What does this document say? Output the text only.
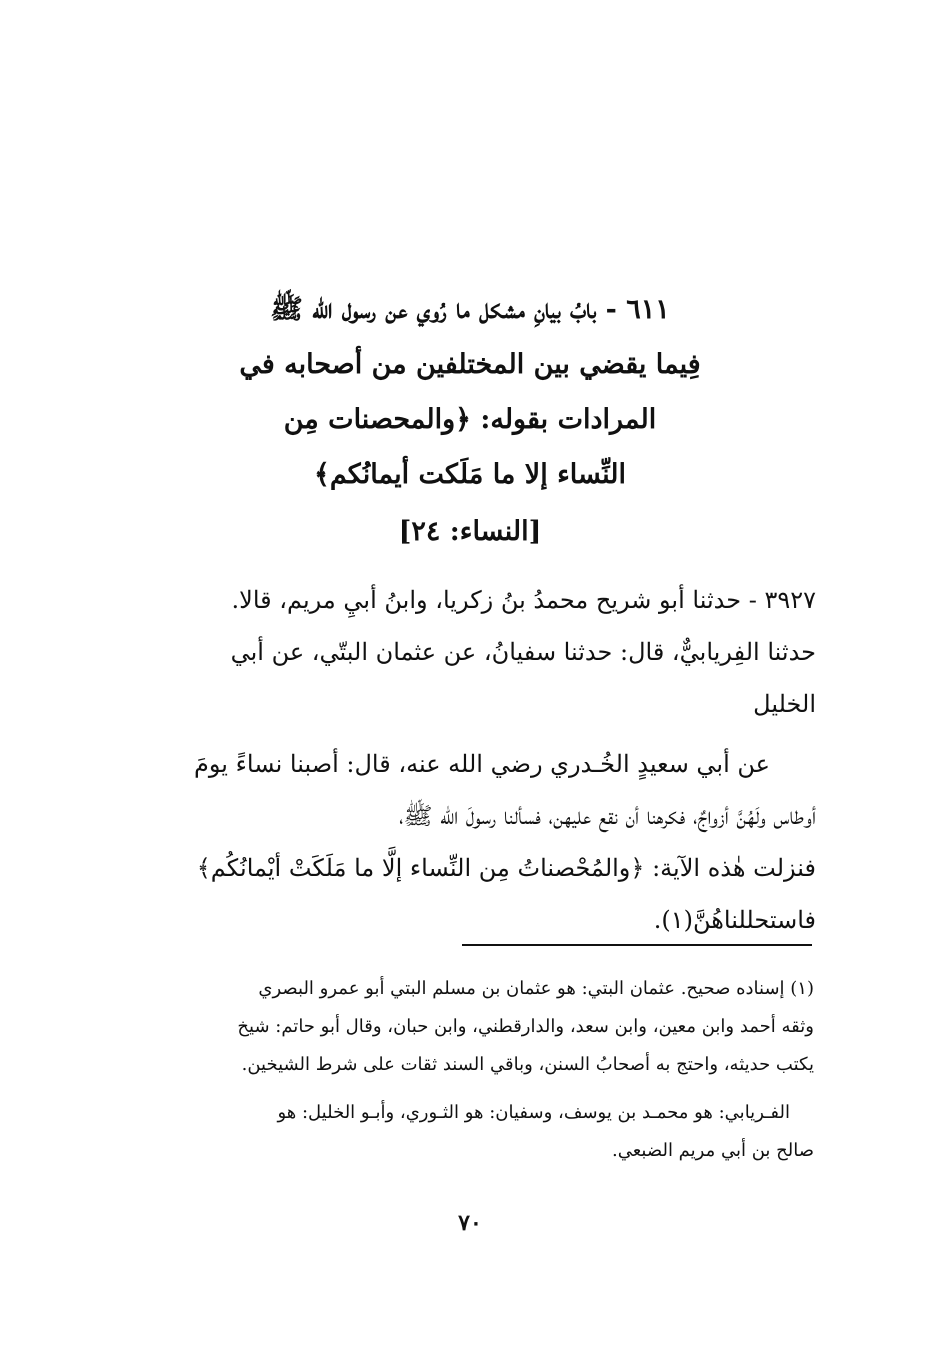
٦١١ - بابُ بيانِ مشكل ما رُوي عن رسول الله ﷺ
فِيما يقضي بين المختلفين من أصحابه في
المرادات بقوله: ﴿والمحصنات مِن
النِّساء إلا ما مَلَكت أيمانُكم﴾
[النساء: ٢٤]
٣٩٢٧ - حدثنا أبو شريح محمدُ بنُ زكريا، وابنُ أبيِ مريم، قالا.
حدثنا الفِريابيٌّ، قال: حدثنا سفيانُ، عن عثمان البتّي، عن أبي
الخليل
عن أبي سعيدٍ الخُـدري رضي الله عنه، قال: أصبنا نساءً يومَ
أوطاس ولَهُنَّ أزواجٌ، فكرهنا أن نقع عليهن، فسألنا رسولَ الله ﷺ،
فنزلت هٰذه الآية: ﴿والمُحْصناتُ مِن النِّساء إلَّا ما مَلَكَتْ أيْمانُكُم﴾
فاستحللناهُنَّ(١).
(١) إسناده صحيح. عثمان البتي: هو عثمان بن مسلم البتي أبو عمرو البصري
وثقه أحمد وابن معين، وابن سعد، والدارقطني، وابن حبان، وقال أبو حاتم: شيخ
يكتب حديثه، واحتج به أصحابُ السنن، وباقي السند ثقات على شرط الشيخين.
الفـريابي: هو محمـد بن يوسف، وسفيان: هو الثـوري، وأبـو الخليل: هو
صالح بن أبي مريم الضبعي.
٧٠
